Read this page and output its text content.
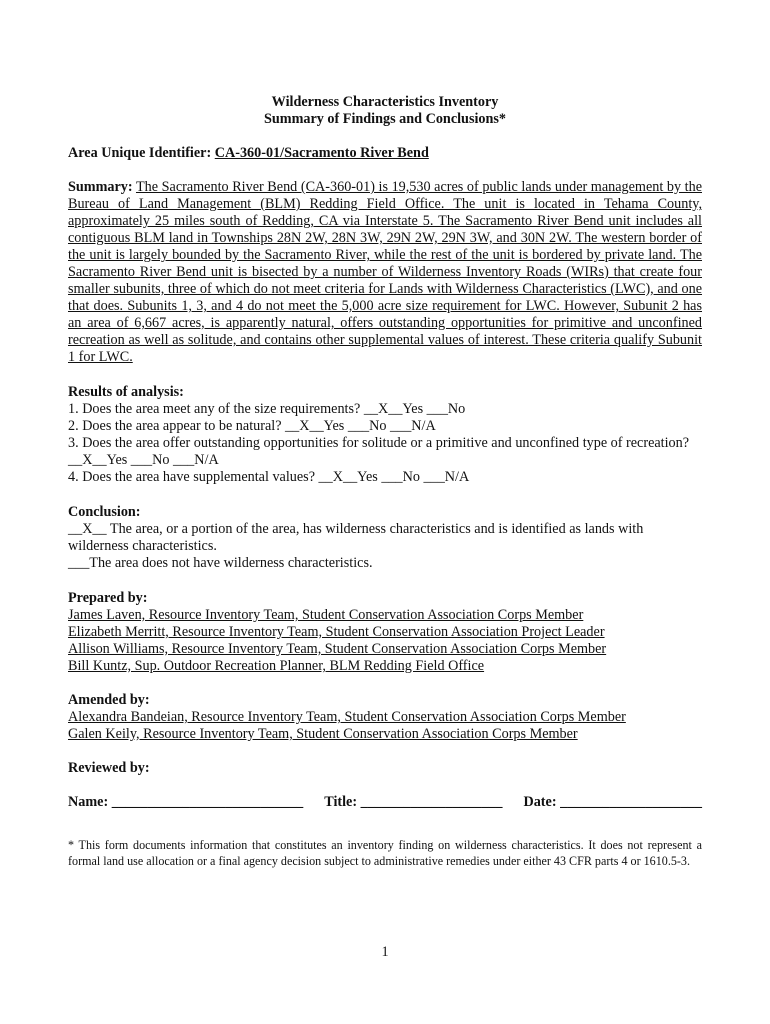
Wilderness Characteristics Inventory
Summary of Findings and Conclusions*
Area Unique Identifier: CA-360-01/Sacramento River Bend
Summary: The Sacramento River Bend (CA-360-01) is 19,530 acres of public lands under management by the Bureau of Land Management (BLM) Redding Field Office. The unit is located in Tehama County, approximately 25 miles south of Redding, CA via Interstate 5. The Sacramento River Bend unit includes all contiguous BLM land in Townships 28N 2W, 28N 3W, 29N 2W, 29N 3W, and 30N 2W. The western border of the unit is largely bounded by the Sacramento River, while the rest of the unit is bordered by private land. The Sacramento River Bend unit is bisected by a number of Wilderness Inventory Roads (WIRs) that create four smaller subunits, three of which do not meet criteria for Lands with Wilderness Characteristics (LWC), and one that does. Subunits 1, 3, and 4 do not meet the 5,000 acre size requirement for LWC. However, Subunit 2 has an area of 6,667 acres, is apparently natural, offers outstanding opportunities for primitive and unconfined recreation as well as solitude, and contains other supplemental values of interest. These criteria qualify Subunit 1 for LWC.
Results of analysis:
1. Does the area meet any of the size requirements? __X__Yes ___No
2. Does the area appear to be natural? __X__Yes ___No ___N/A
3. Does the area offer outstanding opportunities for solitude or a primitive and unconfined type of recreation?
__X__Yes ___No ___N/A
4. Does the area have supplemental values? __X__Yes ___No ___N/A
Conclusion:
__X__ The area, or a portion of the area, has wilderness characteristics and is identified as lands with
wilderness characteristics.
___The area does not have wilderness characteristics.
Prepared by:
James Laven, Resource Inventory Team, Student Conservation Association Corps Member
Elizabeth Merritt, Resource Inventory Team, Student Conservation Association Project Leader
Allison Williams, Resource Inventory Team, Student Conservation Association Corps Member
Bill Kuntz, Sup. Outdoor Recreation Planner, BLM Redding Field Office
Amended by:
Alexandra Bandeian, Resource Inventory Team, Student Conservation Association Corps Member
Galen Keily, Resource Inventory Team, Student Conservation Association Corps Member
Reviewed by:
Name: ___________________________ Title: ____________________ Date: ____________________
* This form documents information that constitutes an inventory finding on wilderness characteristics. It does not represent a formal land use allocation or a final agency decision subject to administrative remedies under either 43 CFR parts 4 or 1610.5-3.
1
